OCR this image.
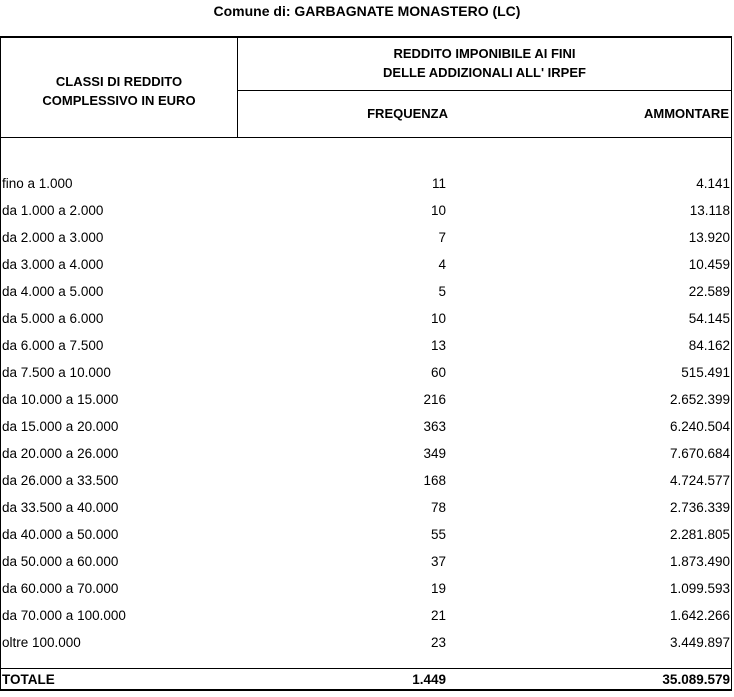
Comune di: GARBAGNATE MONASTERO (LC)
CLASSI DI REDDITO
COMPLESSIVO IN EURO
REDDITO IMPONIBILE AI FINI
DELLE ADDIZIONALI ALL' IRPEF
FREQUENZA	AMMONTARE
fino a 1.000	11	4.141
da 1.000 a 2.000	10	13.118
da 2.000 a 3.000	7	13.920
da 3.000 a 4.000	4	10.459
da 4.000 a 5.000	5	22.589
da 5.000 a 6.000	10	54.145
da 6.000 a 7.500	13	84.162
da 7.500 a 10.000	60	515.491
da 10.000 a 15.000	216	2.652.399
da 15.000 a 20.000	363	6.240.504
da 20.000 a 26.000	349	7.670.684
da 26.000 a 33.500	168	4.724.577
da 33.500 a 40.000	78	2.736.339
da 40.000 a 50.000	55	2.281.805
da 50.000 a 60.000	37	1.873.490
da 60.000 a 70.000	19	1.099.593
da 70.000 a 100.000	21	1.642.266
oltre 100.000	23	3.449.897
TOTALE	1.449	35.089.579
